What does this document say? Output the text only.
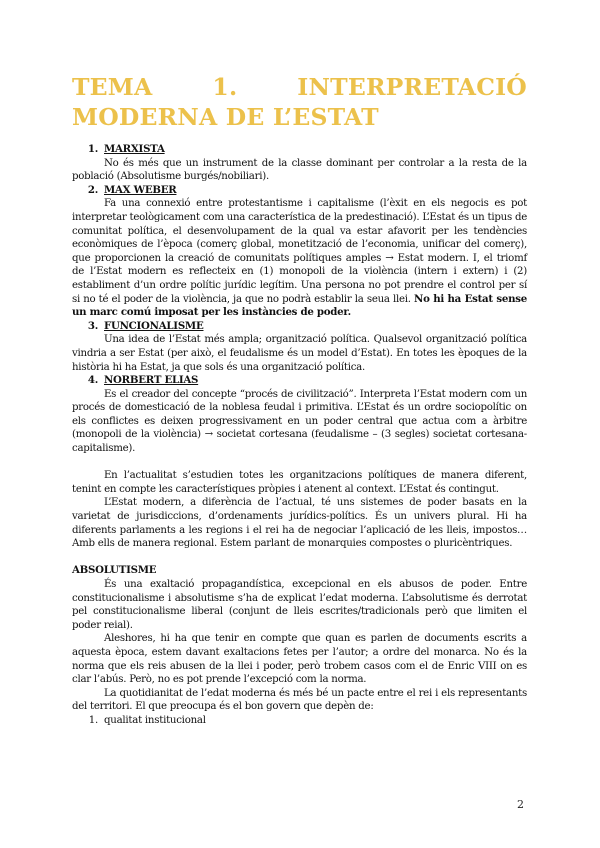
TEMA	1.	INTERPRETACIÓ
MODERNA DE L’ESTAT
1. MARXISTA

No és més que un instrument de la classe dominant per controlar a la resta de la població (Absolutisme burgés/nobiliari).

2. MAX WEBER

Fa una connexió entre protestantisme i capitalisme (l’èxit en els negocis es pot interpretar teològicament com una característica de la predestinació). L’Estat és un tipus de comunitat política, el desenvolupament de la qual va estar afavorit per les tendències econòmiques de l’època (comerç global, monetització de l’economia, unificar del comerç), que proporcionen la creació de comunitats polítiques amples → Estat modern. I, el triomf de l’Estat modern es reflecteix en (1) monopoli de la violència (intern i extern) i (2) establiment d’un ordre polític jurídic legítim. Una persona no pot prendre el control per sí si no té el poder de la violència, ja que no podrà establir la seua llei. No hi ha Estat sense un marc comú imposat per les instàncies de poder.

3. FUNCIONALISME

Una idea de l’Estat més ampla; organització política. Qualsevol organització política vindria a ser Estat (per això, el feudalisme és un model d’Estat). En totes les èpoques de la història hi ha Estat, ja que sols és una organització política.

4. NORBERT ELIAS

Es el creador del concepte “procés de civilització”. Interpreta l’Estat modern com un procés de domesticació de la noblesa feudal i primitiva. L’Estat és un ordre sociopolític on els conflictes es deixen progressivament en un poder central que actua com a àrbitre (monopoli de la violència) → societat cortesana (feudalisme – (3 segles) societat cortesana-capitalisme).

En l’actualitat s’estudien totes les organitzacions polítiques de manera diferent, tenint en compte les característiques pròpies i atenent al context. L’Estat és contingut.

L’Estat modern, a diferència de l’actual, té uns sistemes de poder basats en la varietat de jurisdiccions, d’ordenaments jurídics-polítics. És un univers plural. Hi ha diferents parlaments a les regions i el rei ha de negociar l’aplicació de les lleis, impostos… Amb ells de manera regional. Estem parlant de monarquies compostes o pluricèntriques.

ABSOLUTISME

És una exaltació propagandística, excepcional en els abusos de poder. Entre constitucionalisme i absolutisme s’ha de explicat l’edat moderna. L’absolutisme és derrotat pel constitucionalisme liberal (conjunt de lleis escrites/tradicionals però que limiten el poder reial).

Aleshores, hi ha que tenir en compte que quan es parlen de documents escrits a aquesta època, estem davant exaltacions fetes per l’autor; a ordre del monarca. No és la norma que els reis abusen de la llei i poder, però trobem casos com el de Enric VIII on es clar l’abús. Però, no es pot prende l’excepció com la norma.

La quotidianitat de l’edat moderna és més bé un pacte entre el rei i els representants del territori. El que preocupa és el bon govern que depèn de:

1. qualitat institucional
2
